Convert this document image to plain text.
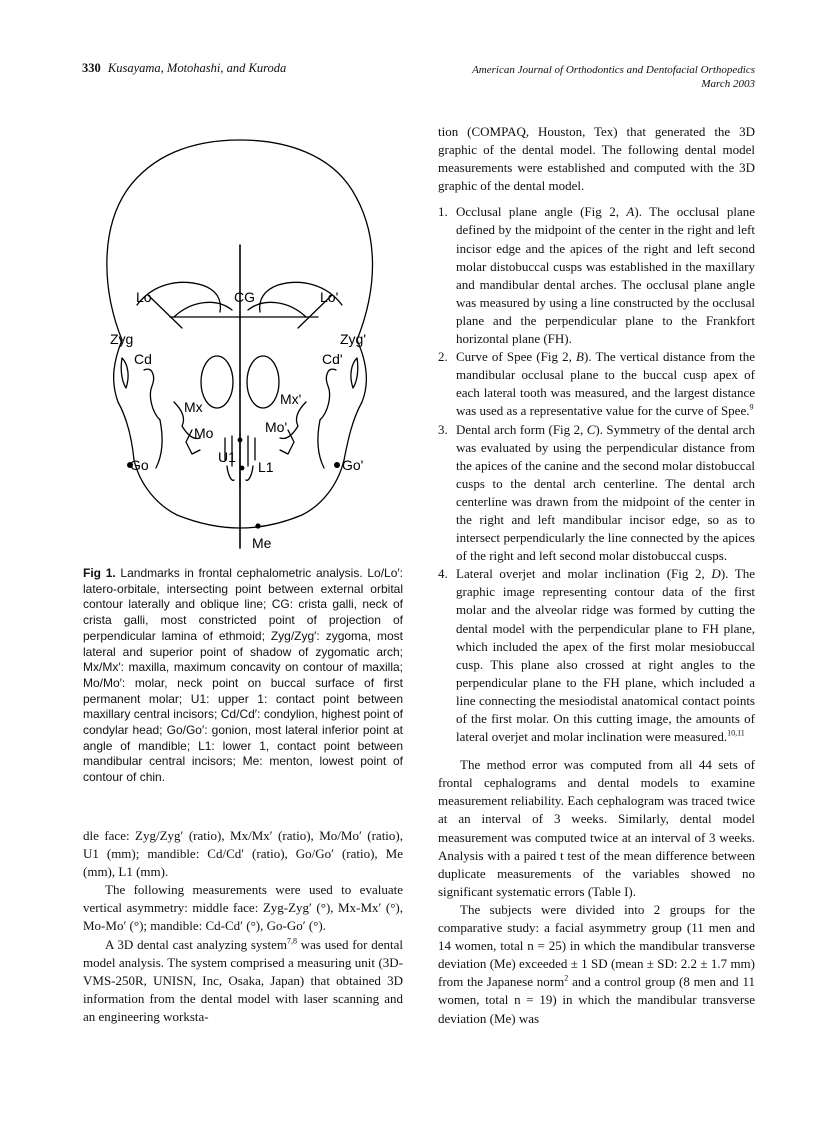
330 Kusayama, Motohashi, and Kuroda	American Journal of Orthodontics and Dentofacial Orthopedics
March 2003
Lo	CG	Lo'
Zyg	Zyg'
Cd	Cd'
Mx	Mx'
Mo	Mo'
U1
L1
Go	Go'
Me
Fig 1. Landmarks in frontal cephalometric analysis. Lo/Lo′: latero-orbitale, intersecting point between external orbital contour laterally and oblique line; CG: crista galli, neck of crista galli, most constricted point of projection of perpendicular lamina of ethmoid; Zyg/Zyg′: zygoma, most lateral and superior point of shadow of zygomatic arch; Mx/Mx′: maxilla, maximum concavity on contour of maxilla; Mo/Mo′: molar, neck point on buccal surface of first permanent molar; U1: upper 1: contact point between maxillary central incisors; Cd/Cd′: condylion, highest point of condylar head; Go/Go′: gonion, most lateral inferior point at angle of mandible; L1: lower 1, contact point between mandibular central incisors; Me: menton, lowest point of contour of chin.

dle face: Zyg/Zyg′ (ratio), Mx/Mx′ (ratio), Mo/Mo′ (ratio), U1 (mm); mandible: Cd/Cd′ (ratio), Go/Go′ (ratio), Me (mm), L1 (mm).

The following measurements were used to evaluate vertical asymmetry: middle face: Zyg-Zyg′ (°), Mx-Mx′ (°), Mo-Mo′ (°); mandible: Cd-Cd′ (°), Go-Go′ (°).

A 3D dental cast analyzing system$^{7,8}$ was used for dental model analysis. The system comprised a measuring unit (3D-VMS-250R, UNISN, Inc, Osaka, Japan) that obtained 3D information from the dental model with laser scanning and an engineering worksta-

tion (COMPAQ, Houston, Tex) that generated the 3D graphic of the dental model. The following dental model measurements were established and computed with the 3D graphic of the dental model.

1. Occlusal plane angle (Fig 2, A). The occlusal plane defined by the midpoint of the center in the right and left incisor edge and the apices of the right and left second molar distobuccal cusps was established in the maxillary and mandibular dental arches. The occlusal plane angle was measured by using a line constructed by the occlusal plane and the perpendicular plane to the Frankfort horizontal plane (FH).
2. Curve of Spee (Fig 2, B). The vertical distance from the mandibular occlusal plane to the buccal cusp apex of each lateral tooth was measured, and the largest distance was used as a representative value for the curve of Spee.$^9$
3. Dental arch form (Fig 2, C). Symmetry of the dental arch was evaluated by using the perpendicular distance from the apices of the canine and the second molar distobuccal cusps to the dental arch centerline. The dental arch centerline was drawn from the midpoint of the center in the right and left mandibular incisor edge, so as to intersect perpendicularly the line connected by the apices of the right and left second molar distobuccal cusps.
4. Lateral overjet and molar inclination (Fig 2, D). The graphic image representing contour data of the first molar and the alveolar ridge was formed by cutting the dental model with the perpendicular plane to FH plane, which included the apex of the first molar mesiobuccal cusp. This plane also crossed at right angles to the perpendicular plane to the FH plane, which included a line connecting the mesiodistal anatomical contact points of the first molar. On this cutting image, the amounts of lateral overjet and molar inclination were measured.$^{10,11}$

The method error was computed from all 44 sets of frontal cephalograms and dental models to examine measurement reliability. Each cephalogram was traced twice at an interval of 3 weeks. Similarly, dental model measurement was computed twice at an interval of 3 weeks. Analysis with a paired t test of the mean difference between duplicate measurements of the variables showed no significant systematic errors (Table I).

The subjects were divided into 2 groups for the comparative study: a facial asymmetry group (11 men and 14 women, total n = 25) in which the mandibular transverse deviation (Me) exceeded ± 1 SD (mean ± SD: 2.2 ± 1.7 mm) from the Japanese norm$^2$ and a control group (8 men and 11 women, total n = 19) in which the mandibular transverse deviation (Me) was
